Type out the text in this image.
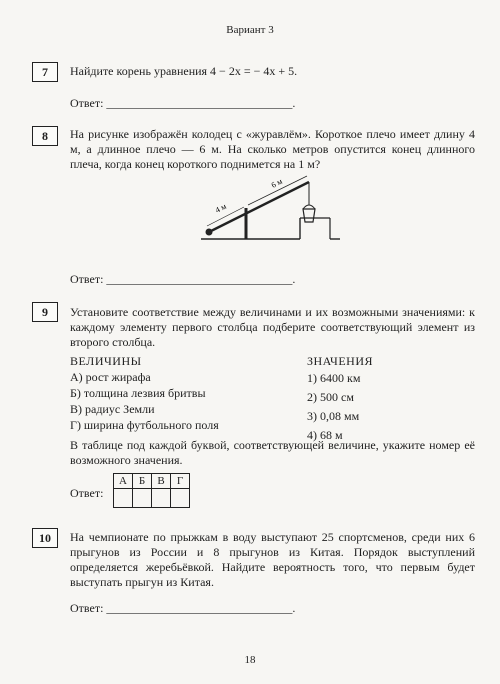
Вариант 3
7	Найдите корень уравнения 4 − 2x = − 4x + 5.
Ответ: _______________________________.
8	На рисунке изображён колодец с «журавлём». Короткое плечо имеет длину 4 м, а длинное плечо — 6 м. На сколько метров опустится конец длинного плеча, когда конец короткого поднимется на 1 м?
4 м
6 м
Ответ: _______________________________.
9	Установите соответствие между величинами и их возможными значениями: к каждому элементу первого столбца подберите соответствующий элемент из второго столбца.
ВЕЛИЧИНЫ
А) рост жирафа
Б) толщина лезвия бритвы
В) радиус Земли
Г) ширина футбольного поля
ЗНАЧЕНИЯ
1) 6400 км
2) 500 см
3) 0,08 мм
4) 68 м
В таблице под каждой буквой, соответствующей величине, укажите номер её возможного значения.
Ответ:
А	Б	В	Г

10	На чемпионате по прыжкам в воду выступают 25 спортсменов, среди них 6 прыгунов из России и 8 прыгунов из Китая. Порядок выступлений определяется жеребьёвкой. Найдите вероятность того, что первым будет выступать прыгун из Китая.
Ответ: _______________________________.
18
